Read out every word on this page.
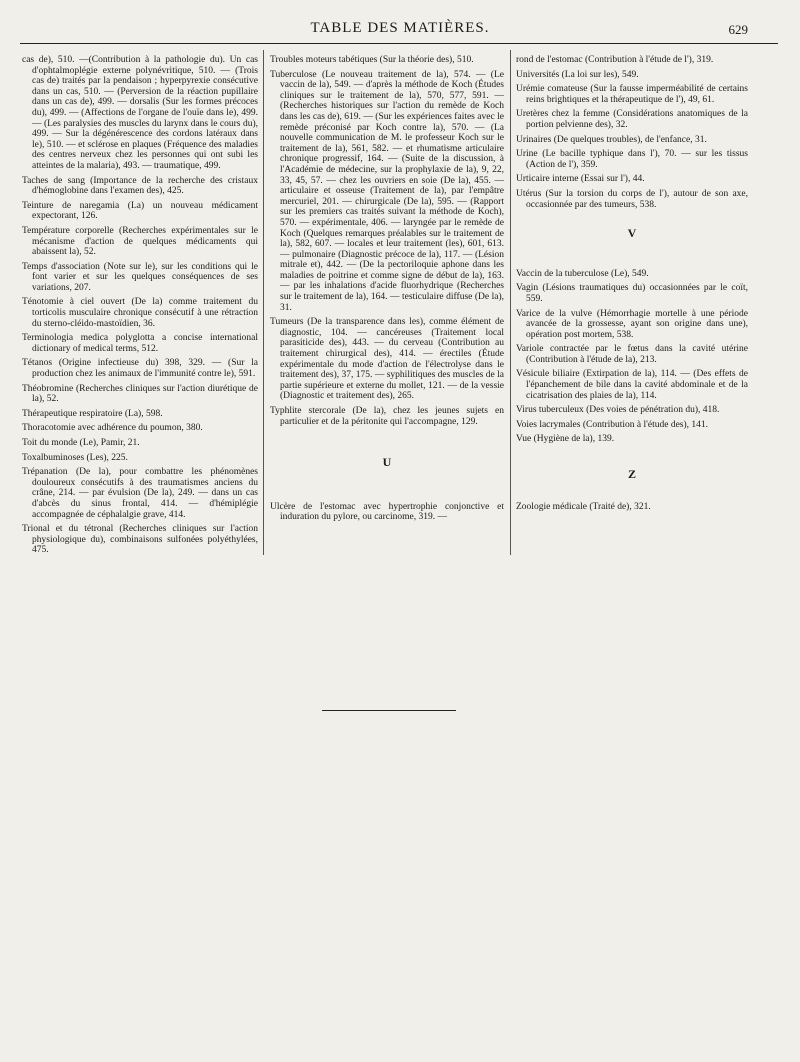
TABLE DES MATIÈRES.	629
cas de), 510. —(Contribution à la pathologie du). Un cas d'ophtalmoplégie externe polynévritique, 510. — (Trois cas de) traités par la pendaison ; hyperpyrexie consécutive dans un cas, 510. — (Perversion de la réaction pupillaire dans un cas de), 499. — dorsalis (Sur les formes précoces du), 499. — (Affections de l'organe de l'ouïe dans le), 499. — (Les paralysies des muscles du larynx dans le cours du), 499. — Sur la dégénérescence des cordons latéraux dans le), 510. — et sclérose en plaques (Fréquence des maladies des centres nerveux chez les personnes qui ont subi les atteintes de la malaria), 493. — traumatique, 499.
Taches de sang (Importance de la recherche des cristaux d'hémoglobine dans l'examen des), 425.
Teinture de naregamia (La) un nouveau médicament expectorant, 126.
Température corporelle (Recherches expérimentales sur le mécanisme d'action de quelques médicaments qui abaissent la), 52.
Temps d'association (Note sur le), sur les conditions qui le font varier et sur les quelques conséquences de ses variations, 207.
Ténotomie à ciel ouvert (De la) comme traitement du torticolis musculaire chronique consécutif à une rétraction du sterno-cléido-mastoïdien, 36.
Terminologia medica polyglotta a concise international dictionary of medical terms, 512.
Tétanos (Origine infectieuse du) 398, 329. — (Sur la production chez les animaux de l'immunité contre le), 591.
Théobromine (Recherches cliniques sur l'action diurétique de la), 52.
Thérapeutique respiratoire (La), 598.
Thoracotomie avec adhérence du poumon, 380.
Toit du monde (Le), Pamir, 21.
Toxalbuminoses (Les), 225.
Trépanation (De la), pour combattre les phénomènes douloureux consécutifs à des traumatismes anciens du crâne, 214. — par évulsion (De la), 249. — dans un cas d'abcès du sinus frontal, 414. — d'hémiplégie accompagnée de céphalalgie grave, 414.
Trional et du tétronal (Recherches cliniques sur l'action physiologique du), combinaisons sulfonées polyéthylées, 475.
Troubles moteurs tabétiques (Sur la théorie des), 510.
Tuberculose (Le nouveau traitement de la), 574. — (Le vaccin de la), 549. — d'après la méthode de Koch (Études cliniques sur le traitement de la), 570, 577, 591. — (Recherches historiques sur l'action du remède de Koch dans les cas de), 619. — (Sur les expériences faites avec le remède préconisé par Koch contre la), 570. — (La nouvelle communication de M. le professeur Koch sur le traitement de la), 561, 582. — et rhumatisme articulaire chronique progressif, 164. — (Suite de la discussion, à l'Académie de médecine, sur la prophylaxie de la), 9, 22, 33, 45, 57. — chez les ouvriers en soie (De la), 455. — articulaire et osseuse (Traitement de la), par l'empâtre mercuriel, 201. — chirurgicale (De la), 595. — (Rapport sur les premiers cas traités suivant la méthode de Koch), 570. — expérimentale, 406. — laryngée par le remède de Koch (Quelques remarques préalables sur le traitement de la), 582, 607. — locales et leur traitement (les), 601, 613. — pulmonaire (Diagnostic précoce de la), 117. — (Lésion mitrale et), 442. — (De la pectoriloquie aphone dans les maladies de poitrine et comme signe de début de la), 163. — par les inhalations d'acide fluorhydrique (Recherches sur le traitement de la), 164. — testiculaire diffuse (De la), 31.
Tumeurs (De la transparence dans les), comme élément de diagnostic, 104. — cancéreuses (Traitement local parasiticide des), 443. — du cerveau (Contribution au traitement chirurgical des), 414. — érectiles (Étude expérimentale du mode d'action de l'électrolyse dans le traitement des), 37, 175. — syphilitiques des muscles de la partie supérieure et externe du mollet, 121. — de la vessie (Diagnostic et traitement des), 265.
Typhlite stercorale (De la), chez les jeunes sujets en particulier et de la péritonite qui l'accompagne, 129.
U
Ulcère de l'estomac avec hypertrophie conjonctive et induration du pylore, ou carcinome, 319. —
rond de l'estomac (Contribution à l'étude de l'), 319.
Universités (La loi sur les), 549.
Urémie comateuse (Sur la fausse imperméabilité de certains reins brightiques et la thérapeutique de l'), 49, 61.
Uretères chez la femme (Considérations anatomiques de la portion pelvienne des), 32.
Urinaires (De quelques troubles), de l'enfance, 31.
Urine (Le bacille typhique dans l'), 70. — sur les tissus (Action de l'), 359.
Urticaire interne (Essai sur l'), 44.
Utérus (Sur la torsion du corps de l'), autour de son axe, occasionnée par des tumeurs, 538.
V
Vaccin de la tuberculose (Le), 549.
Vagin (Lésions traumatiques du) occasionnées par le coït, 559.
Varice de la vulve (Hémorrhagie mortelle à une période avancée de la grossesse, ayant son origine dans une), opération post mortem, 538.
Variole contractée par le fœtus dans la cavité utérine (Contribution à l'étude de la), 213.
Vésicule biliaire (Extirpation de la), 114. — (Des effets de l'épanchement de bile dans la cavité abdominale et de la cicatrisation des plaies de la), 114.
Virus tuberculeux (Des voies de pénétration du), 418.
Voies lacrymales (Contribution à l'étude des), 141.
Vue (Hygiène de la), 139.
Z
Zoologie médicale (Traité de), 321.
